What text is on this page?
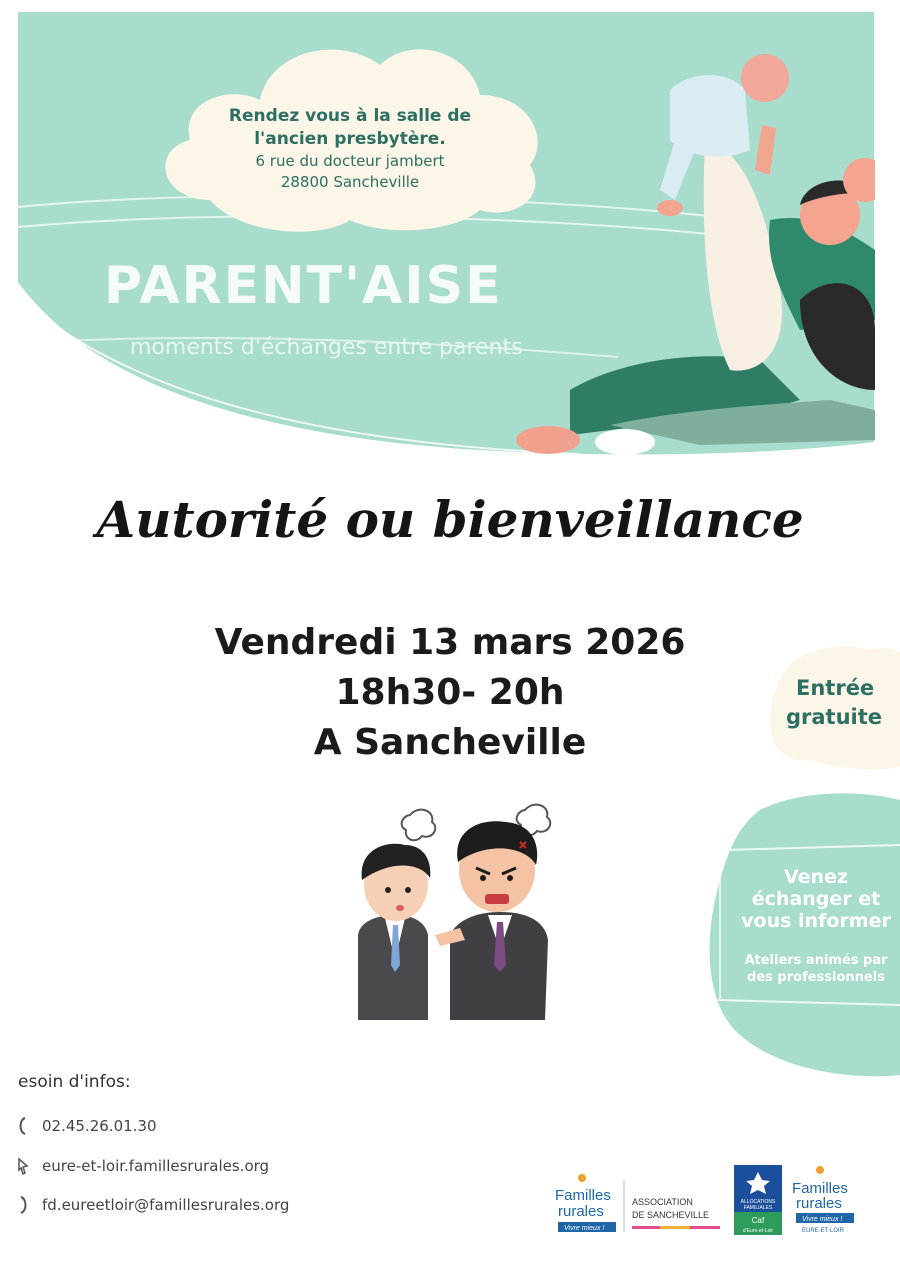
Rendez vous à la salle de
l'ancien presbytère.
6 rue du docteur jambert
28800 Sancheville
PARENT'AISE
moments d'échanges entre parents
Autorité ou bienveillance
Vendredi 13 mars 2026
18h30- 20h
A Sancheville
Entrée
gratuite
Venez
échanger et
vous informer
Ateliers animés par
des professionnels
esoin d'infos:
02.45.26.01.30
eure-et-loir.famillesrurales.org
fd.eureetloir@famillesrurales.org
Familles
rurales
Vivre mieux !
ASSOCIATION
DE SANCHEVILLE
ALLOCATIONS
FAMILIALES
Caf
d'Eure-et-Loir
Familles
rurales
Vivre mieux !
EURE-ET-LOIR
